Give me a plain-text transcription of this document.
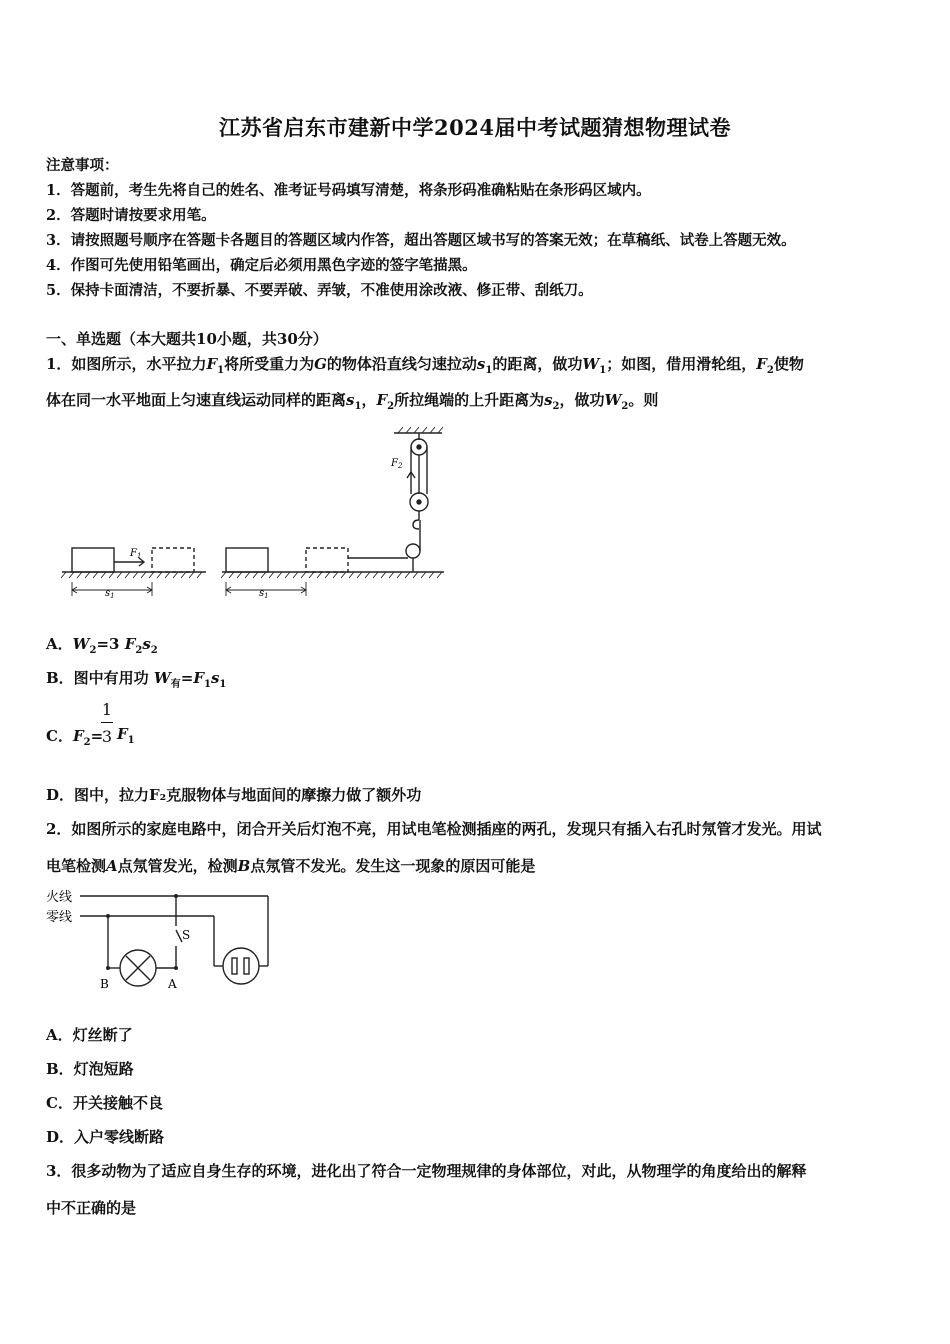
江苏省启东市建新中学2024届中考试题猜想物理试卷
注意事项：
1．答题前，考生先将自己的姓名、准考证号码填写清楚，将条形码准确粘贴在条形码区域内。
2．答题时请按要求用笔。
3．请按照题号顺序在答题卡各题目的答题区域内作答，超出答题区域书写的答案无效；在草稿纸、试卷上答题无效。
4．作图可先使用铅笔画出，确定后必须用黑色字迹的签字笔描黑。
5．保持卡面清洁，不要折暴、不要弄破、弄皱，不准使用涂改液、修正带、刮纸刀。
一、单选题（本大题共10小题，共30分）
1．如图所示，水平拉力$F_1$将所受重力为G的物体沿直线匀速拉动$s_1$的距离，做功$W_1$；如图，借用滑轮组，$F_2$使物
体在同一水平地面上匀速直线运动同样的距离$s_1$，$F_2$所拉绳端的上升距离为$s_2$，做功$W_2$。则
$F_1$
$F_2$
$s_1$	$s_1$
A．$W_2=3$ $F_2s_2$
B．图中有用功 $W_有=F_1s_1$
C．$F_2=$
1
3 $F_1$
D．图中，拉力F₂克服物体与地面间的摩擦力做了额外功
2．如图所示的家庭电路中，闭合开关后灯泡不亮，用试电笔检测插座的两孔，发现只有插入右孔时氖管才发光。用试
电笔检测A点氖管发光，检测B点氖管不发光。发生这一现象的原因可能是
火线
零线
S
B	A
A．灯丝断了
B．灯泡短路
C．开关接触不良
D．入户零线断路
3．很多动物为了适应自身生存的环境，进化出了符合一定物理规律的身体部位，对此，从物理学的角度给出的解释
中不正确的是
